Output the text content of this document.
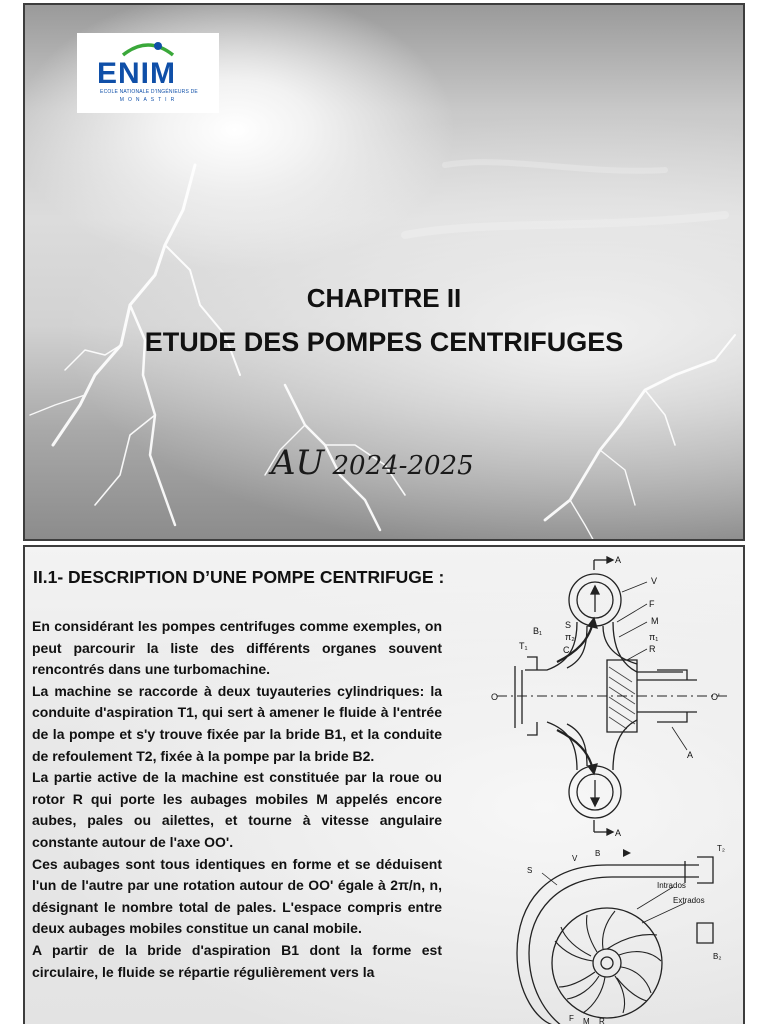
ENIM
ECOLE NATIONALE D'INGÉNIEURS DE
MONASTIR
CHAPITRE II
ETUDE DES POMPES CENTRIFUGES
AU 2024-2025
II.1- DESCRIPTION D’UNE POMPE CENTRIFUGE :

En considérant les pompes centrifuges comme exemples, on peut parcourir la liste des différents organes souvent rencontrés dans une turbomachine.

La machine se raccorde à deux tuyauteries cylindriques: la conduite d'aspiration T1, qui sert à amener le fluide à l'entrée de la pompe et s'y trouve fixée par la bride B1, et la conduite de refoulement T2, fixée à la pompe par la bride B2.

La partie active de la machine est constituée par la roue ou rotor R qui porte les aubages mobiles M appelés encore aubes, pales ou ailettes, et tourne à vitesse angulaire constante autour de l'axe OO'.

Ces aubages sont tous identiques en forme et se déduisent l'un de l'autre par une rotation autour de OO' égale à 2π/n, n, désignant le nombre total de pales. L'espace compris entre deux aubages mobiles constitue un canal mobile.

A partir de la bride d'aspiration B1 dont la forme est circulaire, le fluide se répartie régulièrement vers la

A
V
F
M
π₁
R
S
π₂
C
B₁
T₁
O	O'
A
A
B
T₂
S
V
Intrados
Extrados
B₂
F M R
